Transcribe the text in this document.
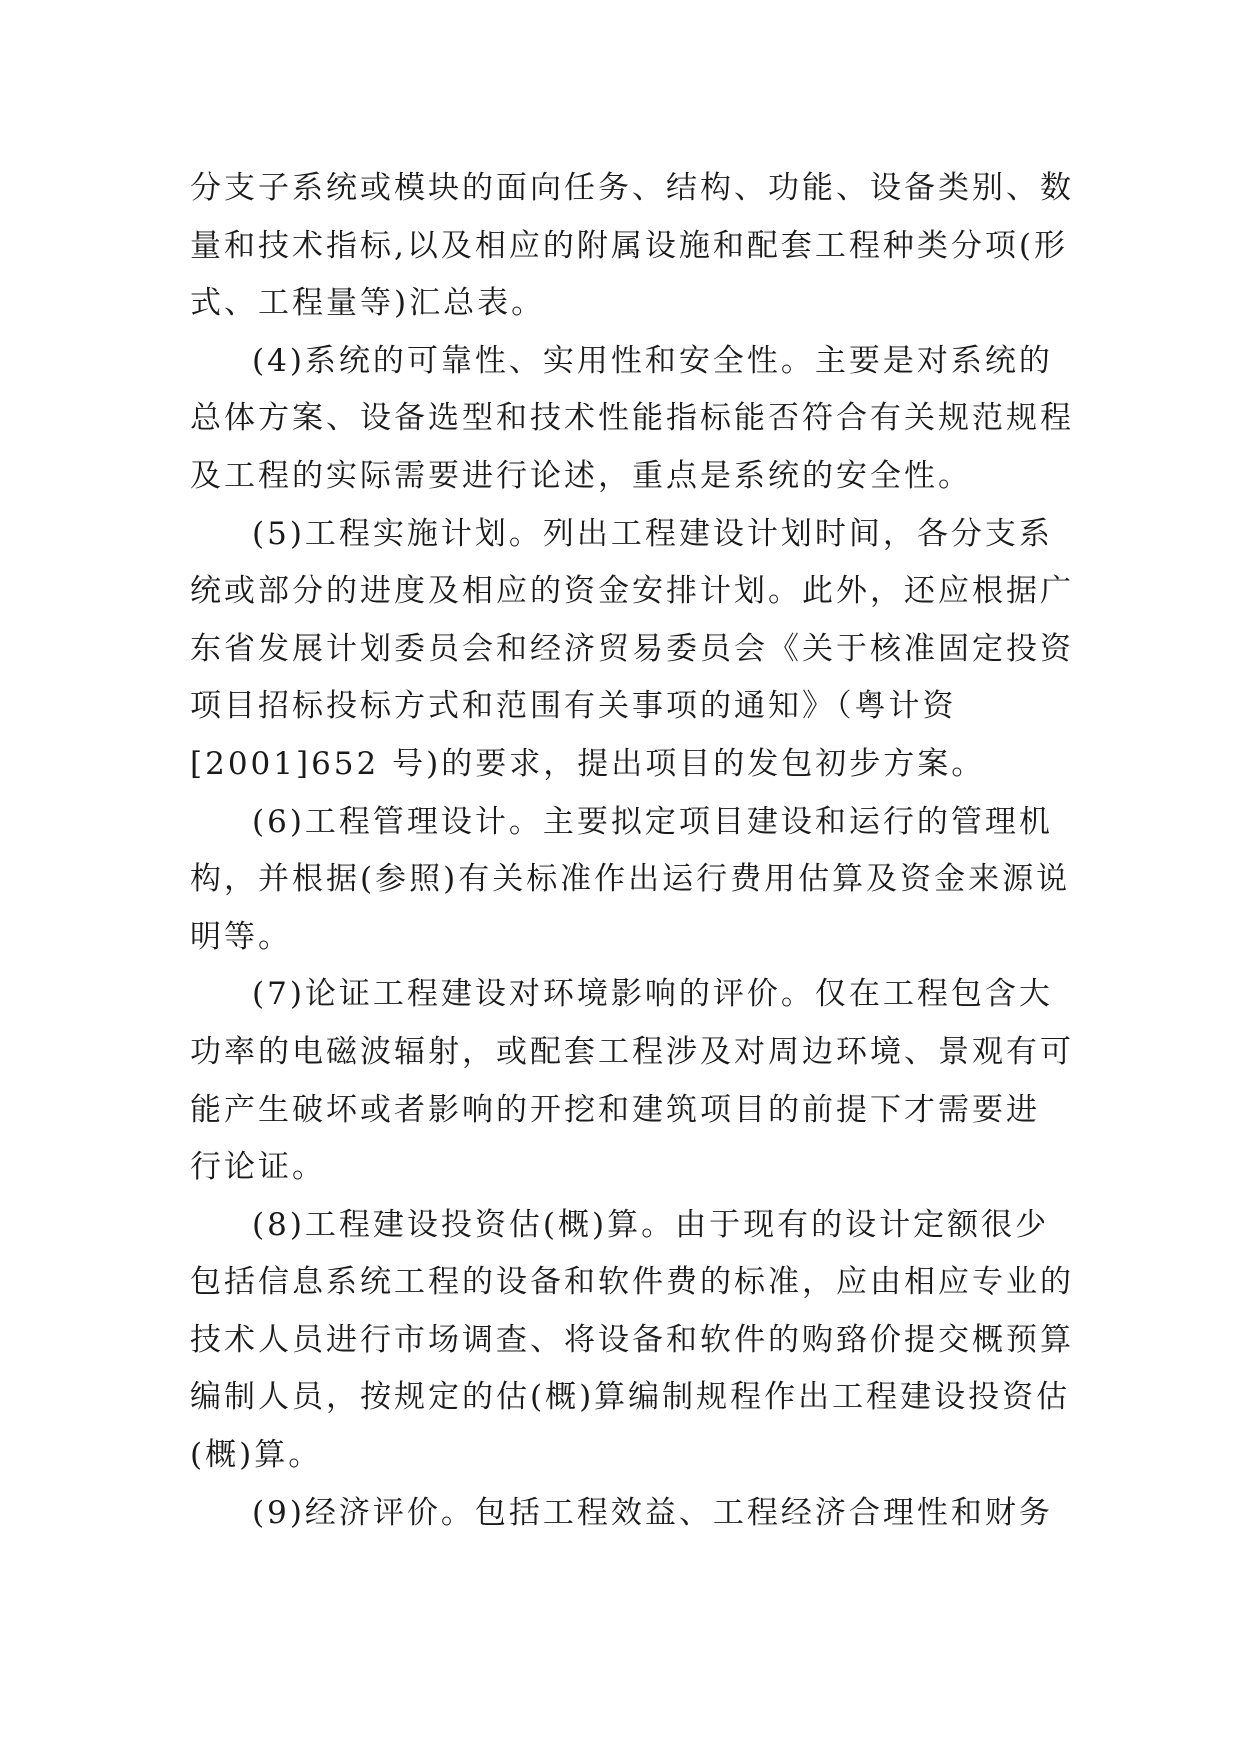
分支子系统或模块的面向任务、结构、功能、设备类别、数
量和技术指标,以及相应的附属设施和配套工程种类分项(形
式、工程量等)汇总表。
(4)系统的可靠性、实用性和安全性。主要是对系统的
总体方案、设备选型和技术性能指标能否符合有关规范规程
及工程的实际需要进行论述，重点是系统的安全性。
(5)工程实施计划。列出工程建设计划时间，各分支系
统或部分的进度及相应的资金安排计划。此外，还应根据广
东省发展计划委员会和经济贸易委员会《关于核准固定投资
项目招标投标方式和范围有关事项的通知》（粤计资
[2001]652 号)的要求，提出项目的发包初步方案。
(6)工程管理设计。主要拟定项目建设和运行的管理机
构，并根据(参照)有关标准作出运行费用估算及资金来源说
明等。
(7)论证工程建设对环境影响的评价。仅在工程包含大
功率的电磁波辐射，或配套工程涉及对周边环境、景观有可
能产生破坏或者影响的开挖和建筑项目的前提下才需要进
行论证。
(8)工程建设投资估(概)算。由于现有的设计定额很少
包括信息系统工程的设备和软件费的标准，应由相应专业的
技术人员进行市场调查、将设备和软件的购臵价提交概预算
编制人员，按规定的估(概)算编制规程作出工程建设投资估
(概)算。
(9)经济评价。包括工程效益、工程经济合理性和财务
